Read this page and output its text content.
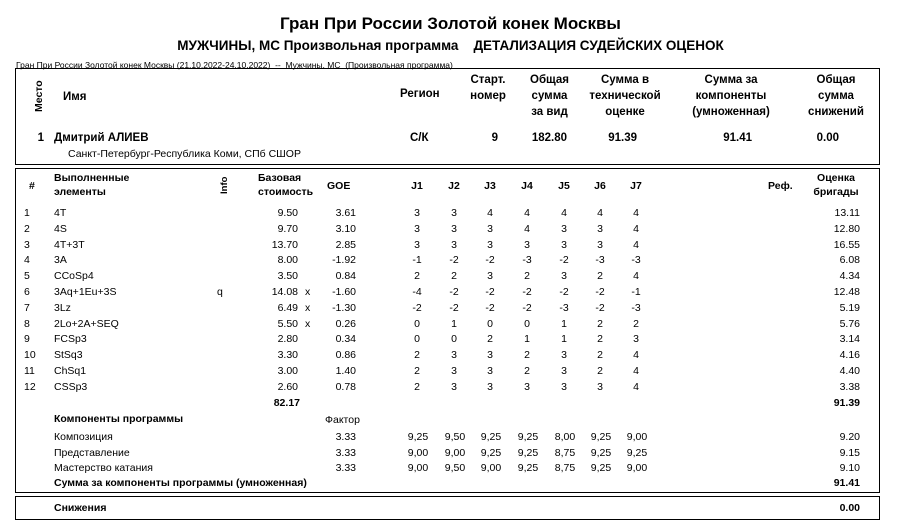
Гран При России Золотой конек Москвы
МУЖЧИНЫ, МС Произвольная программа    ДЕТАЛИЗАЦИЯ СУДЕЙСКИХ ОЦЕНОК
Гран При России Золотой конек Москвы (21.10.2022-24.10.2022)  --  Мужчины, МС  (Произвольная программа)
Место Имя	Регион
Старт.
номер
Общая
сумма
за вид
Сумма в
технической
оценке
Сумма за
компоненты
(умноженная)
Общая
сумма
снижений
1 Дмитрий АЛИЕВ
Санкт-Петербург-Республика Коми, СПб СШОР
С/К	9	182.80	91.39	91.41	0.00
#
Выполненные
элементы	Info	Базовая
стоимость GOE	J1	J2	J3	J4	J5	J6	J7	Реф.
Оценка
бригады
1	4T	9.50	3.61	3	3	4	4	4	4	4	13.11
2	4S	9.70	3.10	3	3	3	4	3	3	4	12.80
3	4T+3T	13.70	2.85	3	3	3	3	3	3	4	16.55
4	3A	8.00	-1.92	-1	-2	-2	-3	-2	-3	-3	6.08
5	CCoSp4	3.50	0.84	2	2	3	2	3	2	4	4.34
6	3Aq+1Eu+3S	q	14.08 x	-1.60	-4	-2	-2	-2	-2	-2	-1	12.48
7	3Lz	6.49 x	-1.30	-2	-2	-2	-2	-3	-2	-3	5.19
8	2Lo+2A+SEQ	5.50 x	0.26	0	1	0	0	1	2	2	5.76
9	FCSp3	2.80	0.34	0	0	2	1	1	2	3	3.14
10	StSq3	3.30	0.86	2	3	3	2	3	2	4	4.16
11	ChSq1	3.00	1.40	2	3	3	2	3	2	4	4.40
12	CSSp3	2.60	0.78	2	3	3	3	3	3	4	3.38
82.17	91.39
Компоненты программы	Фактор
Композиция	3.33	9,25	9,50	9,25	9,25	8,00	9,25	9,00	9.20
Представление	3.33	9,00	9,00	9,25	9,25	8,75	9,25	9,25	9.15
Мастерство катания	3.33	9,00	9,50	9,00	9,25	8,75	9,25	9,00	9.10
Сумма за компоненты программы (умноженная)	91.41
Снижения	0.00
